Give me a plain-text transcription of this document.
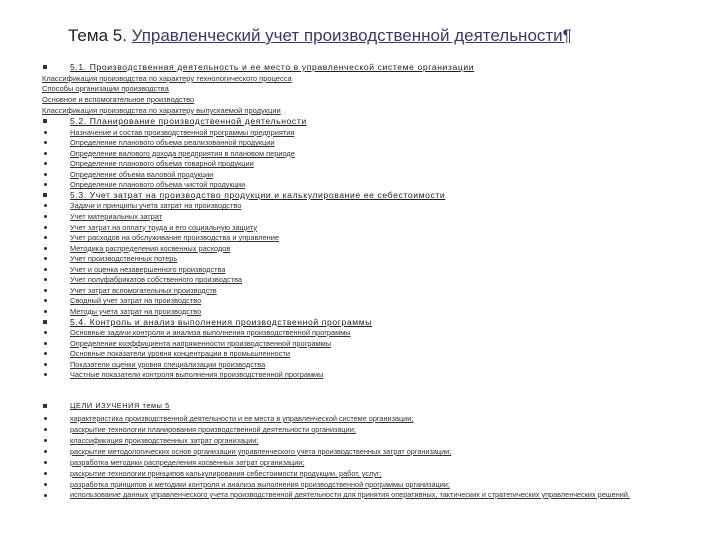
Тема 5. Управленческий учет производственной деятельности¶
5.1. Производственная деятельность и ее место в управленческой системе организации
Классификация производства по характеру технологического процесса
Способы организации производства
Основное и вспомогательное производство
Классификация производства по характеру выпускаемой продукции
5.2. Планирование производственной деятельности
Назначение и состав производственной программы предприятия
Определение планового объема реализованной продукции
Определение валового дохода предприятия в плановом периоде
Определение планового объема товарной продукции
Определение объема валовой продукции
Определение планового объема чистой продукции
5.3. Учет затрат на производство продукции и калькулирование ее себестоимости
Задачи и принципы учета затрат на производство
Учет материальных затрат
Учет затрат на оплату труда и его социальную защиту
Учет расходов на обслуживание производства и управление
Методика распределения косвенных расходов
Учет производственных потерь
Учет и оценка незавершенного производства
Учет полуфабрикатов собственного производства
Учет затрат вспомогательных производств
Сводный учет затрат на производство
Методы учета затрат на производство
5.4. Контроль и анализ выполнения производственной программы
Основные задачи контроля и анализа выполнения производственной программы
Определение коэффициента напряженности производственной программы
Основные показатели уровня концентрации в промышленности
Показатели оценки уровня специализации производства
Частные показатели контроля выполнения производственной программы
ЦЕЛИ ИЗУЧЕНИЯ темы 5
характеристика производственной деятельности и ее места в управленческой системе организации;
раскрытие технологии планирования производственной деятельности организации;
классификация производственных затрат организации;
раскрытие методологических основ организации управленческого учета производственных затрат организации;
разработка методики распределения косвенных затрат организации;
раскрытие технологии принципов калькулирования себестоимости продукции, работ, услуг;
разработка принципов и методики контроля и анализа выполнения производственной программы организации;
использование данных управленческого учета производственной деятельности для принятия оперативных, тактических и стратегических управленческих решений.
